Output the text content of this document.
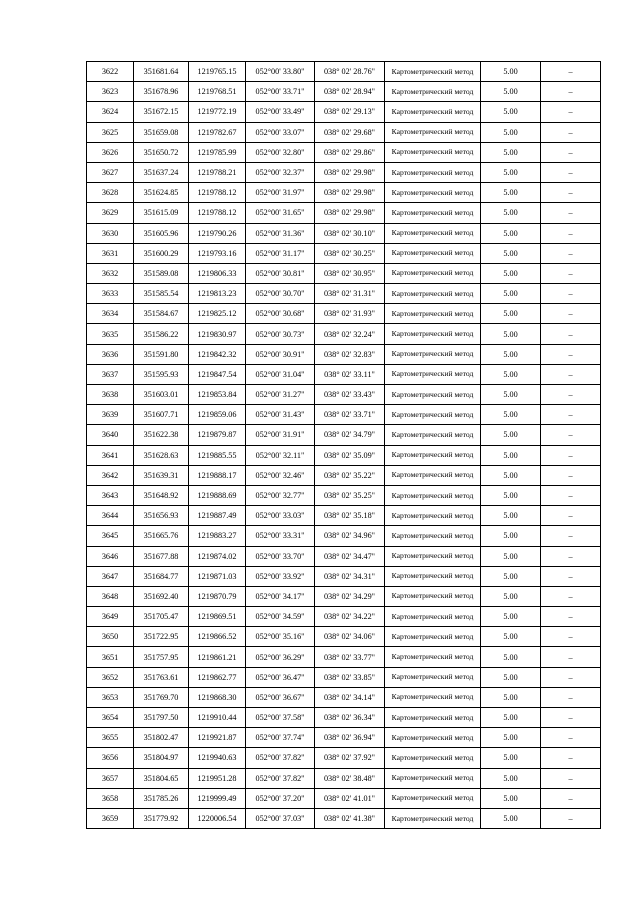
3622	351681.64	1219765.15	052°00' 33.80"	038° 02' 28.76"	Картометрический метод	5.00	–
3623	351678.96	1219768.51	052°00' 33.71"	038° 02' 28.94"	Картометрический метод	5.00	–
3624	351672.15	1219772.19	052°00' 33.49"	038° 02' 29.13"	Картометрический метод	5.00	–
3625	351659.08	1219782.67	052°00' 33.07"	038° 02' 29.68"	Картометрический метод	5.00	–
3626	351650.72	1219785.99	052°00' 32.80"	038° 02' 29.86"	Картометрический метод	5.00	–
3627	351637.24	1219788.21	052°00' 32.37"	038° 02' 29.98"	Картометрический метод	5.00	–
3628	351624.85	1219788.12	052°00' 31.97"	038° 02' 29.98"	Картометрический метод	5.00	–
3629	351615.09	1219788.12	052°00' 31.65"	038° 02' 29.98"	Картометрический метод	5.00	–
3630	351605.96	1219790.26	052°00' 31.36"	038° 02' 30.10"	Картометрический метод	5.00	–
3631	351600.29	1219793.16	052°00' 31.17"	038° 02' 30.25"	Картометрический метод	5.00	–
3632	351589.08	1219806.33	052°00' 30.81"	038° 02' 30.95"	Картометрический метод	5.00	–
3633	351585.54	1219813.23	052°00' 30.70"	038° 02' 31.31"	Картометрический метод	5.00	–
3634	351584.67	1219825.12	052°00' 30.68"	038° 02' 31.93"	Картометрический метод	5.00	–
3635	351586.22	1219830.97	052°00' 30.73"	038° 02' 32.24"	Картометрический метод	5.00	–
3636	351591.80	1219842.32	052°00' 30.91"	038° 02' 32.83"	Картометрический метод	5.00	–
3637	351595.93	1219847.54	052°00' 31.04"	038° 02' 33.11"	Картометрический метод	5.00	–
3638	351603.01	1219853.84	052°00' 31.27"	038° 02' 33.43"	Картометрический метод	5.00	–
3639	351607.71	1219859.06	052°00' 31.43"	038° 02' 33.71"	Картометрический метод	5.00	–
3640	351622.38	1219879.87	052°00' 31.91"	038° 02' 34.79"	Картометрический метод	5.00	–
3641	351628.63	1219885.55	052°00' 32.11"	038° 02' 35.09"	Картометрический метод	5.00	–
3642	351639.31	1219888.17	052°00' 32.46"	038° 02' 35.22"	Картометрический метод	5.00	–
3643	351648.92	1219888.69	052°00' 32.77"	038° 02' 35.25"	Картометрический метод	5.00	–
3644	351656.93	1219887.49	052°00' 33.03"	038° 02' 35.18"	Картометрический метод	5.00	–
3645	351665.76	1219883.27	052°00' 33.31"	038° 02' 34.96"	Картометрический метод	5.00	–
3646	351677.88	1219874.02	052°00' 33.70"	038° 02' 34.47"	Картометрический метод	5.00	–
3647	351684.77	1219871.03	052°00' 33.92"	038° 02' 34.31"	Картометрический метод	5.00	–
3648	351692.40	1219870.79	052°00' 34.17"	038° 02' 34.29"	Картометрический метод	5.00	–
3649	351705.47	1219869.51	052°00' 34.59"	038° 02' 34.22"	Картометрический метод	5.00	–
3650	351722.95	1219866.52	052°00' 35.16"	038° 02' 34.06"	Картометрический метод	5.00	–
3651	351757.95	1219861.21	052°00' 36.29"	038° 02' 33.77"	Картометрический метод	5.00	–
3652	351763.61	1219862.77	052°00' 36.47"	038° 02' 33.85"	Картометрический метод	5.00	–
3653	351769.70	1219868.30	052°00' 36.67"	038° 02' 34.14"	Картометрический метод	5.00	–
3654	351797.50	1219910.44	052°00' 37.58"	038° 02' 36.34"	Картометрический метод	5.00	–
3655	351802.47	1219921.87	052°00' 37.74"	038° 02' 36.94"	Картометрический метод	5.00	–
3656	351804.97	1219940.63	052°00' 37.82"	038° 02' 37.92"	Картометрический метод	5.00	–
3657	351804.65	1219951.28	052°00' 37.82"	038° 02' 38.48"	Картометрический метод	5.00	–
3658	351785.26	1219999.49	052°00' 37.20"	038° 02' 41.01"	Картометрический метод	5.00	–
3659	351779.92	1220006.54	052°00' 37.03"	038° 02' 41.38"	Картометрический метод	5.00	–
